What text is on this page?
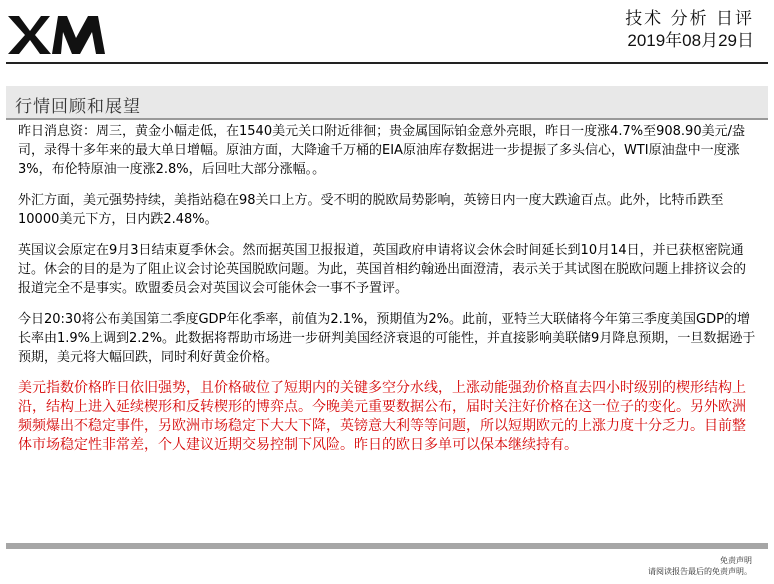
技术 分析 日评
2019年08月29日
行情回顾和展望

昨日消息资：周三，黄金小幅走低，在1540美元关口附近徘徊；贵金属国际铂金意外亮眼，昨日一度涨4.7%至908.90美元/盎司，录得十多年来的最大单日增幅。原油方面，大降逾千万桶的EIA原油库存数据进一步提振了多头信心，WTI原油盘中一度涨3%，布伦特原油一度涨2.8%，后回吐大部分涨幅。。

外汇方面，美元强势持续，美指站稳在98关口上方。受不明的脱欧局势影响，英镑日内一度大跌逾百点。此外，比特币跌至10000美元下方，日内跌2.48%。

英国议会原定在9月3日结束夏季休会。然而据英国卫报报道，英国政府申请将议会休会时间延长到10月14日，并已获枢密院通过。休会的目的是为了阻止议会讨论英国脱欧问题。为此，英国首相约翰逊出面澄清，表示关于其试图在脱欧问题上排挤议会的报道完全不是事实。欧盟委员会对英国议会可能休会一事不予置评。

今日20:30将公布美国第二季度GDP年化季率，前值为2.1%，预期值为2%。此前，亚特兰大联储将今年第三季度美国GDP的增长率由1.9%上调到2.2%。此数据将帮助市场进一步研判美国经济衰退的可能性，并直接影响美联储9月降息预期，一旦数据逊于预期，美元将大幅回跌，同时利好黄金价格。

美元指数价格昨日依旧强势，且价格破位了短期内的关键多空分水线，上涨动能强劲价格直去四小时级别的楔形结构上沿，结构上进入延续楔形和反转楔形的博弈点。今晚美元重要数据公布，届时关注好价格在这一位子的变化。另外欧洲频频爆出不稳定事件，另欧洲市场稳定下大大下降，英镑意大利等等问题，所以短期欧元的上涨力度十分乏力。目前整体市场稳定性非常差，个人建议近期交易控制下风险。昨日的欧日多单可以保本继续持有。

免责声明
请阅读报告最后的免责声明。
